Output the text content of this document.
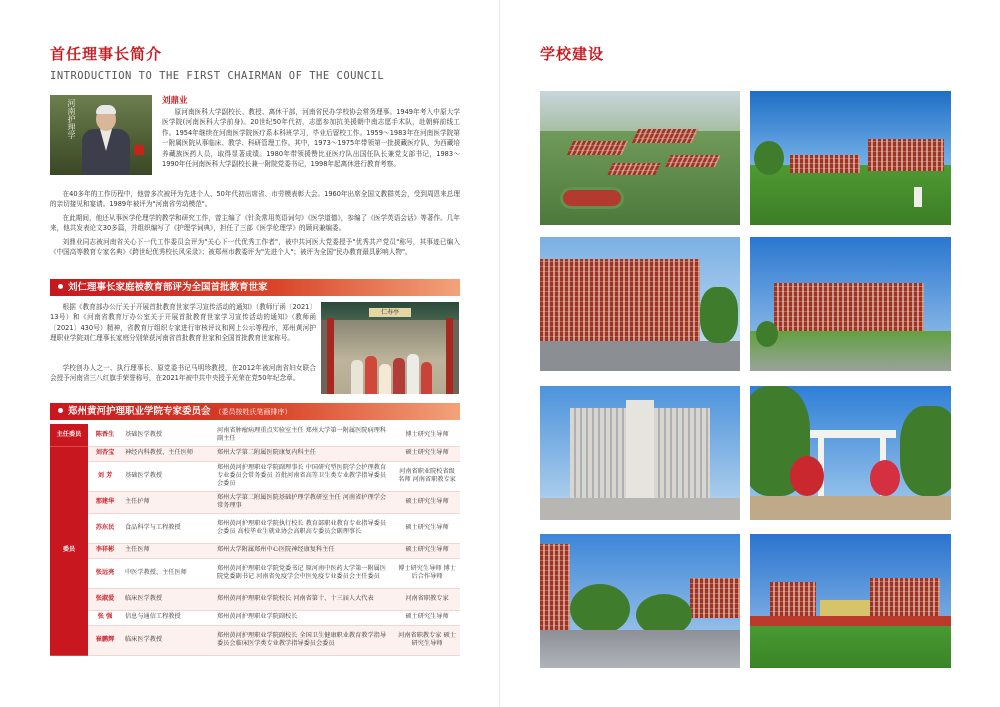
首任理事长简介
INTRODUCTION TO THE FIRST CHAIRMAN OF THE COUNCIL
河南护理学	刘鼎业
原河南医科大学副校长、教授、离休干部，河南省民办学校协会常务理事。1949年考入中原大学医学院(河南医科大学前身)。20世纪50年代初，志愿参加抗美援朝中南志愿手术队，赴朝鲜前线工作。1954年继续在河南医学院医疗系本科班学习，毕业后留校工作。1959～1983年在河南医学院第一附属医院从事临床、教学、科研管理工作。其中，1973～1975年带领第一批援藏医疗队，为西藏培养藏族医药人员，取得显著成绩。1980年带领援赞比亚医疗队出国任队长兼党支部书记，1983～1990年任河南医科大学副校长兼一附院党委书记，1998年起离休进行教育考察。
在40多年的工作历程中，他曾多次被评为先进个人、50年代初出席省、市劳模表彰大会。1960年出席全国文教群英会，受到周恩来总理的亲切接见和宴请。1989年被评为"河南省劳动模范"。
在此期间，他还从事医学伦理学的教学和研究工作，曾主编了《针灸常用英语词句》《医学道德》，参编了《医学英语会话》等著作。几年来，他共发表论文30多篇，并组织编写了《护理学词典》，担任了三部《医学伦理学》的顾问兼编委。
刘鼎业同志被河南省关心下一代工作委员会评为"关心下一代优秀工作者"，被中共河医大党委授予"优秀共产党员"称号，其事迹已编入《中国高等教育专家名典》《跨世纪优秀校长风采录》；被郑州市教委评为"先进个人"；被评为全国"民办教育最具影响人物"。
刘仁理事长家庭被教育部评为全国首批教育世家
根据《教育部办公厅关于开展首批教育世家学习宣传活动的通知》（教师厅函〔2021〕13号）和《河南省教育厅办公室关于开展首批教育世家学习宣传活动的通知》（教师函〔2021〕430号）精神，省教育厅组织专家进行审核评议和网上公示等程序，郑州黄河护理职业学院刘仁理事长家庭分别荣获河南省首批教育世家和全国首批教育世家称号。
学校创办人之一、执行理事长、原党委书记马明珍教授，在2012年被河南省妇女联合会授予河南省三八红旗手荣誉称号，在2021年被中共中央授予光荣在党50年纪念章。
仁寿亭
郑州黄河护理职业学院专家委员会 （委员按姓氏笔画排序）
主任委员	陈香生	基础医学教授	河南省肿瘤病理重点实验室主任 郑州大学第一附属医院病理科副主任	博士研究生导师
委员	刘杏宝	神经内科教授、主任医师	郑州大学第二附属医院康复内科主任	硕士研究生导师
	刘 芳	基础医学教授	郑州黄河护理职业学院副理事长 中国研究型医院学会护理教育专业委员会常务委员 首批河南省高等卫生类专业教学指导委员会委员	河南省职业院校省级名师 河南省职教专家
	那建华	主任护师	郑州大学第二附属医院基础护理学教研室主任 河南省护理学会常务理事	硕士研究生导师
	苏东民	食品科学与工程教授	郑州黄河护理职业学院执行校长 教育部职业教育专业指导委员会委员 高校毕业生就业协会高职高专委员会副理事长	硕士研究生导师
	李祥彬	主任医师	郑州大学附属郑州中心医院神经康复科主任	硕士研究生导师
	张远亮	中医学教授、主任医师	郑州黄河护理职业学院党委书记 原河南中医药大学第一附属医院党委副书记 河南省免疫学会中医免疫专业委员会主任委员	博士研究生导师 博士后合作导师
	张淑爱	临床医学教授	郑州黄河护理职业学院校长 河南省第十、十三届人大代表	河南省职教专家
	张 强	信息与通信工程教授	郑州黄河护理职业学院副校长	硕士研究生导师
	崔鹏辉	临床医学教授	郑州黄河护理职业学院副校长 全国卫生健康职业教育教学指导委员会临床医学类专业教学指导委员会委员	河南省职教专家 硕士研究生导师
学校建设
